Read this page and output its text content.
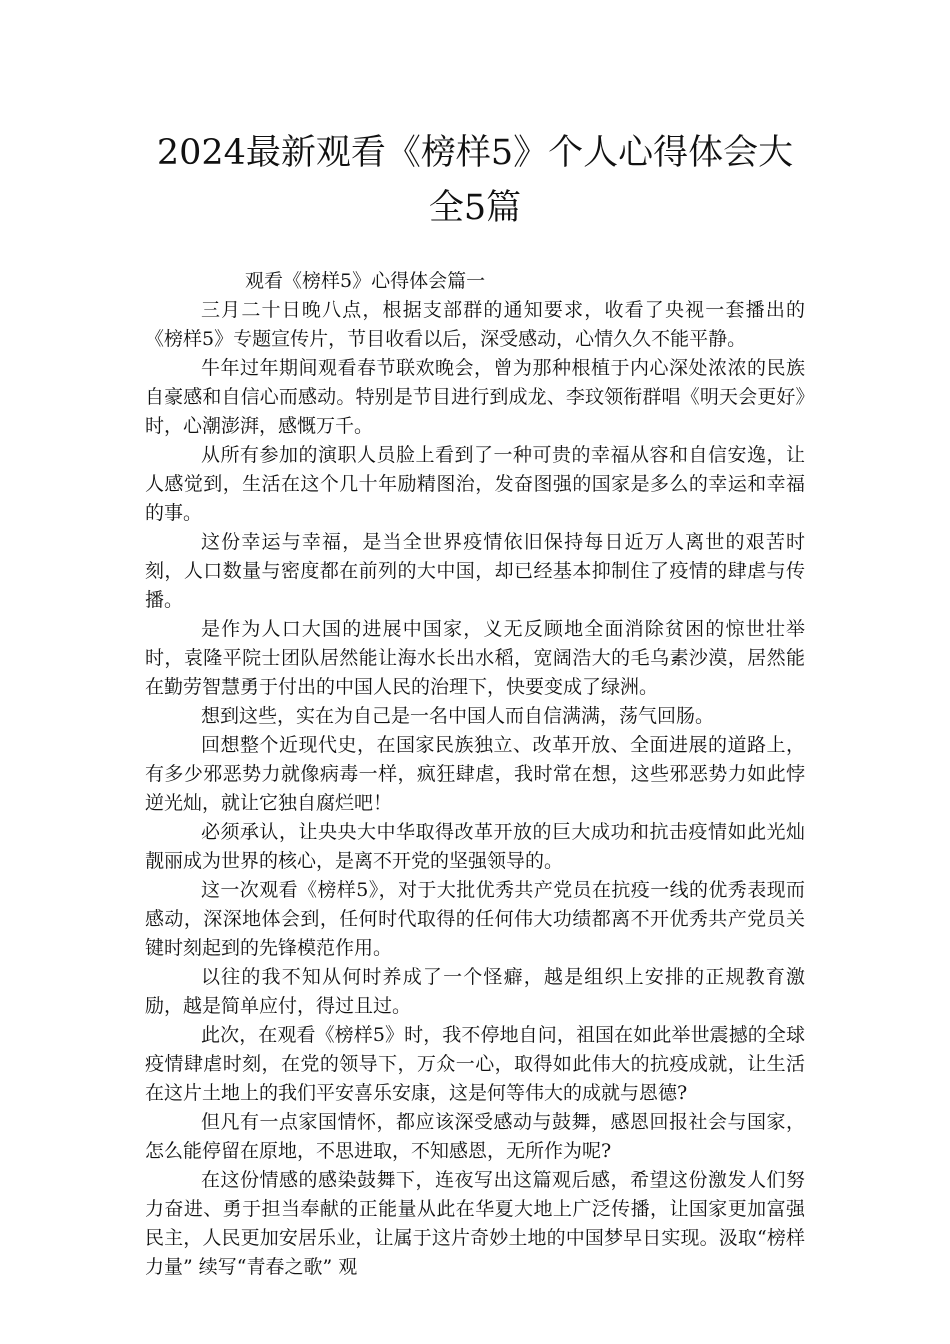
2024最新观看《榜样5》个人心得体会大
全5篇
观看《榜样5》心得体会篇一

三月二十日晚八点，根据支部群的通知要求，收看了央视一套播出的《榜样5》专题宣传片，节目收看以后，深受感动，心情久久不能平静。

牛年过年期间观看春节联欢晚会，曾为那种根植于内心深处浓浓的民族自豪感和自信心而感动。特别是节目进行到成龙、李玟领衔群唱《明天会更好》时，心潮澎湃，感慨万千。

从所有参加的演职人员脸上看到了一种可贵的幸福从容和自信安逸，让人感觉到，生活在这个几十年励精图治，发奋图强的国家是多么的幸运和幸福的事。

这份幸运与幸福，是当全世界疫情依旧保持每日近万人离世的艰苦时刻，人口数量与密度都在前列的大中国，却已经基本抑制住了疫情的肆虐与传播。

是作为人口大国的进展中国家，义无反顾地全面消除贫困的惊世壮举时，袁隆平院士团队居然能让海水长出水稻，宽阔浩大的毛乌素沙漠，居然能在勤劳智慧勇于付出的中国人民的治理下，快要变成了绿洲。

想到这些，实在为自己是一名中国人而自信满满，荡气回肠。

回想整个近现代史，在国家民族独立、改革开放、全面进展的道路上，有多少邪恶势力就像病毒一样，疯狂肆虐，我时常在想，这些邪恶势力如此悖逆光灿，就让它独自腐烂吧！

必须承认，让央央大中华取得改革开放的巨大成功和抗击疫情如此光灿靓丽成为世界的核心，是离不开党的坚强领导的。

这一次观看《榜样5》，对于大批优秀共产党员在抗疫一线的优秀表现而感动，深深地体会到，任何时代取得的任何伟大功绩都离不开优秀共产党员关键时刻起到的先锋模范作用。

以往的我不知从何时养成了一个怪癖，越是组织上安排的正规教育激励，越是简单应付，得过且过。

此次，在观看《榜样5》时，我不停地自问，祖国在如此举世震撼的全球疫情肆虐时刻，在党的领导下，万众一心，取得如此伟大的抗疫成就，让生活在这片土地上的我们平安喜乐安康，这是何等伟大的成就与恩德?

但凡有一点家国情怀，都应该深受感动与鼓舞，感恩回报社会与国家，怎么能停留在原地，不思进取，不知感恩，无所作为呢?

在这份情感的感染鼓舞下，连夜写出这篇观后感，希望这份激发人们努力奋进、勇于担当奉献的正能量从此在华夏大地上广泛传播，让国家更加富强民主，人民更加安居乐业，让属于这片奇妙土地的中国梦早日实现。汲取“榜样力量” 续写“青春之歌” 观
